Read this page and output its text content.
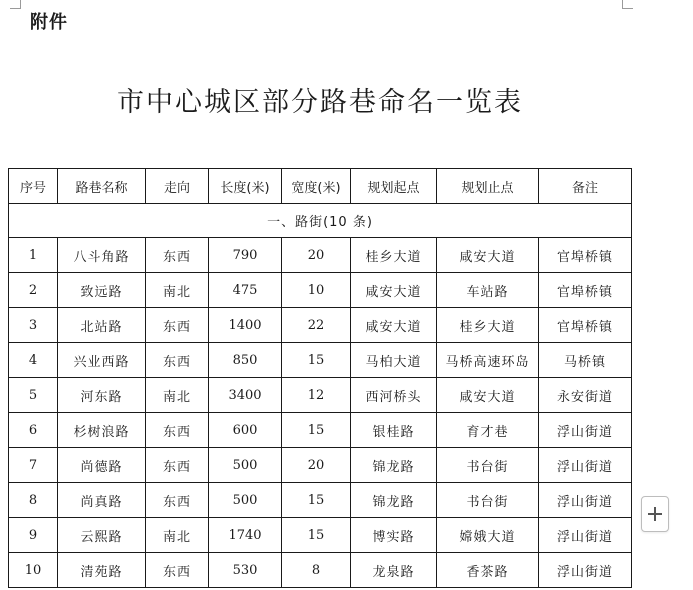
附件
市中心城区部分路巷命名一览表
序号	路巷名称	走向	长度(米)	宽度(米)	规划起点	规划止点	备注
一、路街(10 条)							
1	八斗角路	东西	790	20	桂乡大道	咸安大道	官埠桥镇
2	致远路	南北	475	10	咸安大道	车站路	官埠桥镇
3	北站路	东西	1400	22	咸安大道	桂乡大道	官埠桥镇
4	兴业西路	东西	850	15	马柏大道	马桥高速环岛	马桥镇
5	河东路	南北	3400	12	西河桥头	咸安大道	永安街道
6	杉树浪路	东西	600	15	银桂路	育才巷	浮山街道
7	尚德路	东西	500	20	锦龙路	书台街	浮山街道
8	尚真路	东西	500	15	锦龙路	书台街	浮山街道
9	云熙路	南北	1740	15	博实路	嫦娥大道	浮山街道
10	清苑路	东西	530	8	龙泉路	香茶路	浮山街道
